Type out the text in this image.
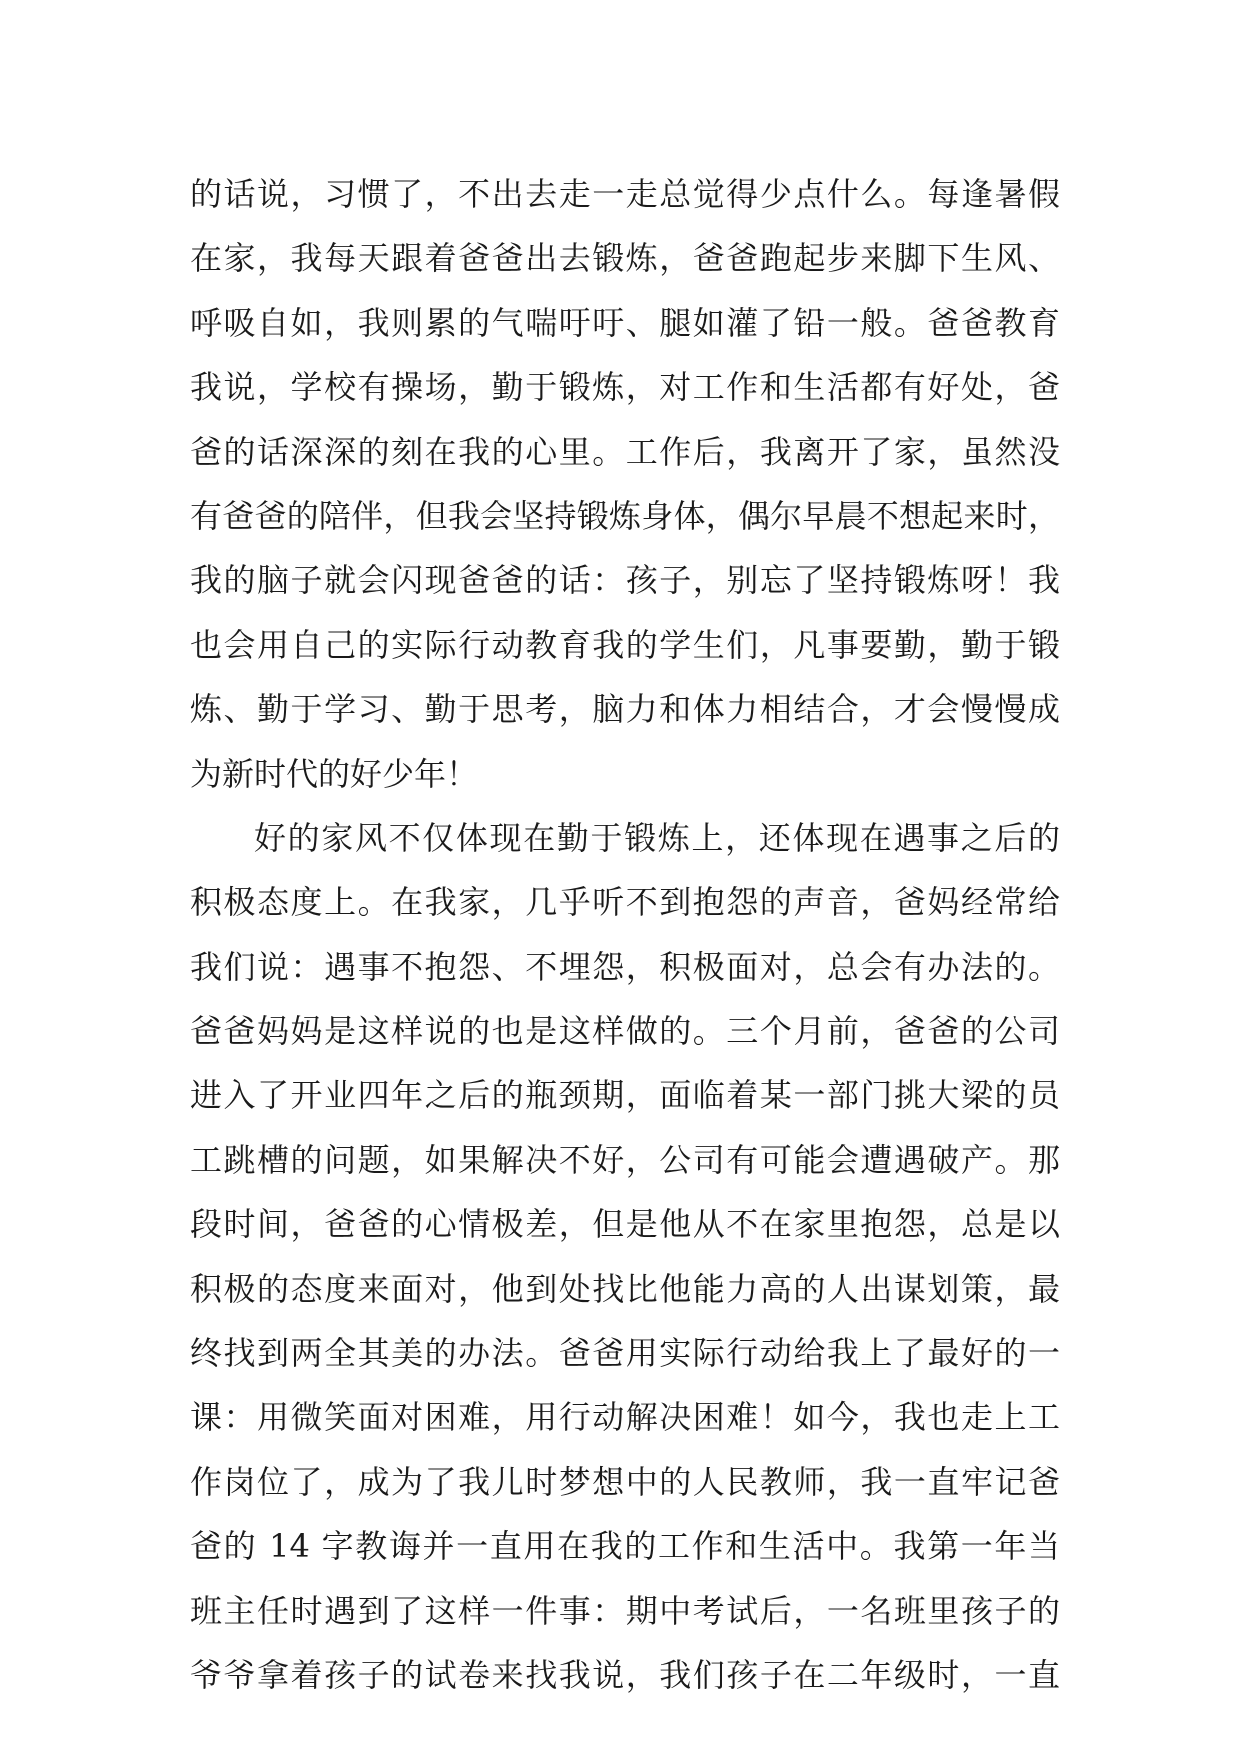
的话说，习惯了，不出去走一走总觉得少点什么。每逢暑假
在家，我每天跟着爸爸出去锻炼，爸爸跑起步来脚下生风、
呼吸自如，我则累的气喘吁吁、腿如灌了铅一般。爸爸教育
我说，学校有操场，勤于锻炼，对工作和生活都有好处，爸
爸的话深深的刻在我的心里。工作后，我离开了家，虽然没
有爸爸的陪伴，但我会坚持锻炼身体，偶尔早晨不想起来时，
我的脑子就会闪现爸爸的话：孩子，别忘了坚持锻炼呀！我
也会用自己的实际行动教育我的学生们，凡事要勤，勤于锻
炼、勤于学习、勤于思考，脑力和体力相结合，才会慢慢成
为新时代的好少年！
好的家风不仅体现在勤于锻炼上，还体现在遇事之后的
积极态度上。在我家，几乎听不到抱怨的声音，爸妈经常给
我们说：遇事不抱怨、不埋怨，积极面对，总会有办法的。
爸爸妈妈是这样说的也是这样做的。三个月前，爸爸的公司
进入了开业四年之后的瓶颈期，面临着某一部门挑大梁的员
工跳槽的问题，如果解决不好，公司有可能会遭遇破产。那
段时间，爸爸的心情极差，但是他从不在家里抱怨，总是以
积极的态度来面对，他到处找比他能力高的人出谋划策，最
终找到两全其美的办法。爸爸用实际行动给我上了最好的一
课：用微笑面对困难，用行动解决困难！如今，我也走上工
作岗位了，成为了我儿时梦想中的人民教师，我一直牢记爸
爸的 14 字教诲并一直用在我的工作和生活中。我第一年当
班主任时遇到了这样一件事：期中考试后，一名班里孩子的
爷爷拿着孩子的试卷来找我说，我们孩子在二年级时，一直
